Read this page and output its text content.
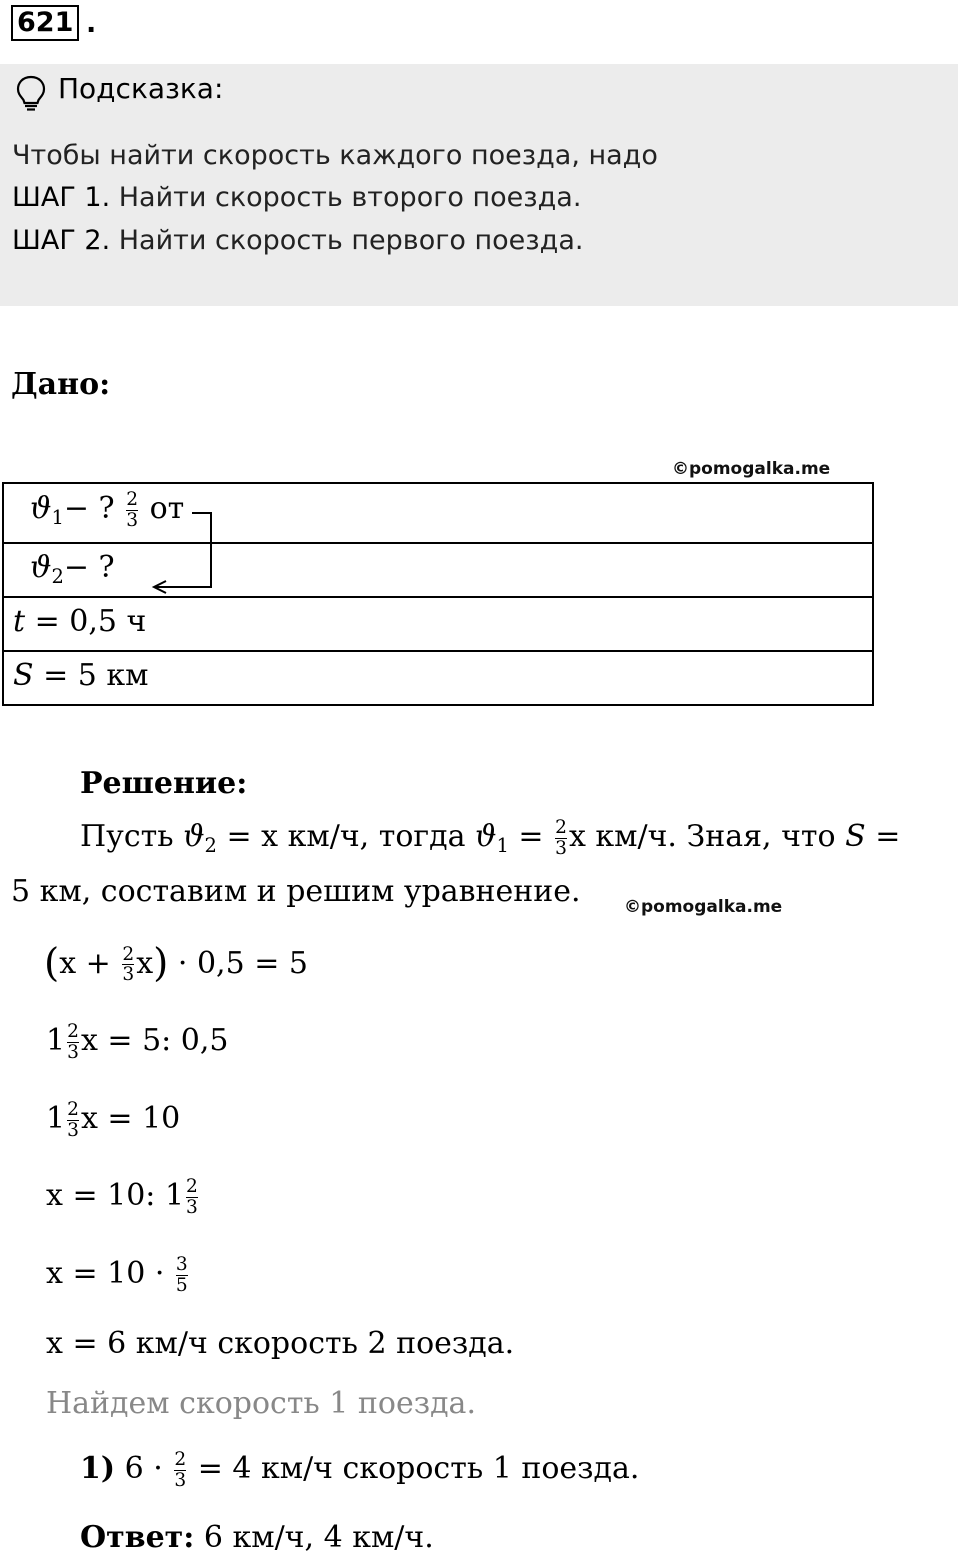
621 .
Подсказка:
Чтобы найти скорость каждого поезда, надо
ШАГ 1. Найти скорость второго поезда.
ШАГ 2. Найти скорость первого поезда.
Дано:
©pomogalka.me
$ϑ_1-$ ? $\frac{2}{3}$ от
$ϑ_2-$ ?
t = 0,5 ч
S = 5 км
Решение:
Пусть $ϑ_2 = х$ км/ч, тогда $ϑ_1 = \frac{2}{3}$ х км/ч. Зная, что S =
5 км, составим и решим уравнение.	©pomogalka.me
$(х + \frac{2}{3} х) \cdot 0,5 = 5$
$1 \frac{2}{3}$ х = 5: 0,5
$1 \frac{2}{3}$ х = 10
х = 10: $1 \frac{2}{3}$
$х = 10 \cdot \frac{3}{5}$
х = 6 км/ч скорость 2 поезда.
Найдем скорость 1 поезда.
1) $6 \cdot \frac{2}{3} = 4$ км/ч скорость 1 поезда.
Ответ: 6 км/ч, 4 км/ч.
